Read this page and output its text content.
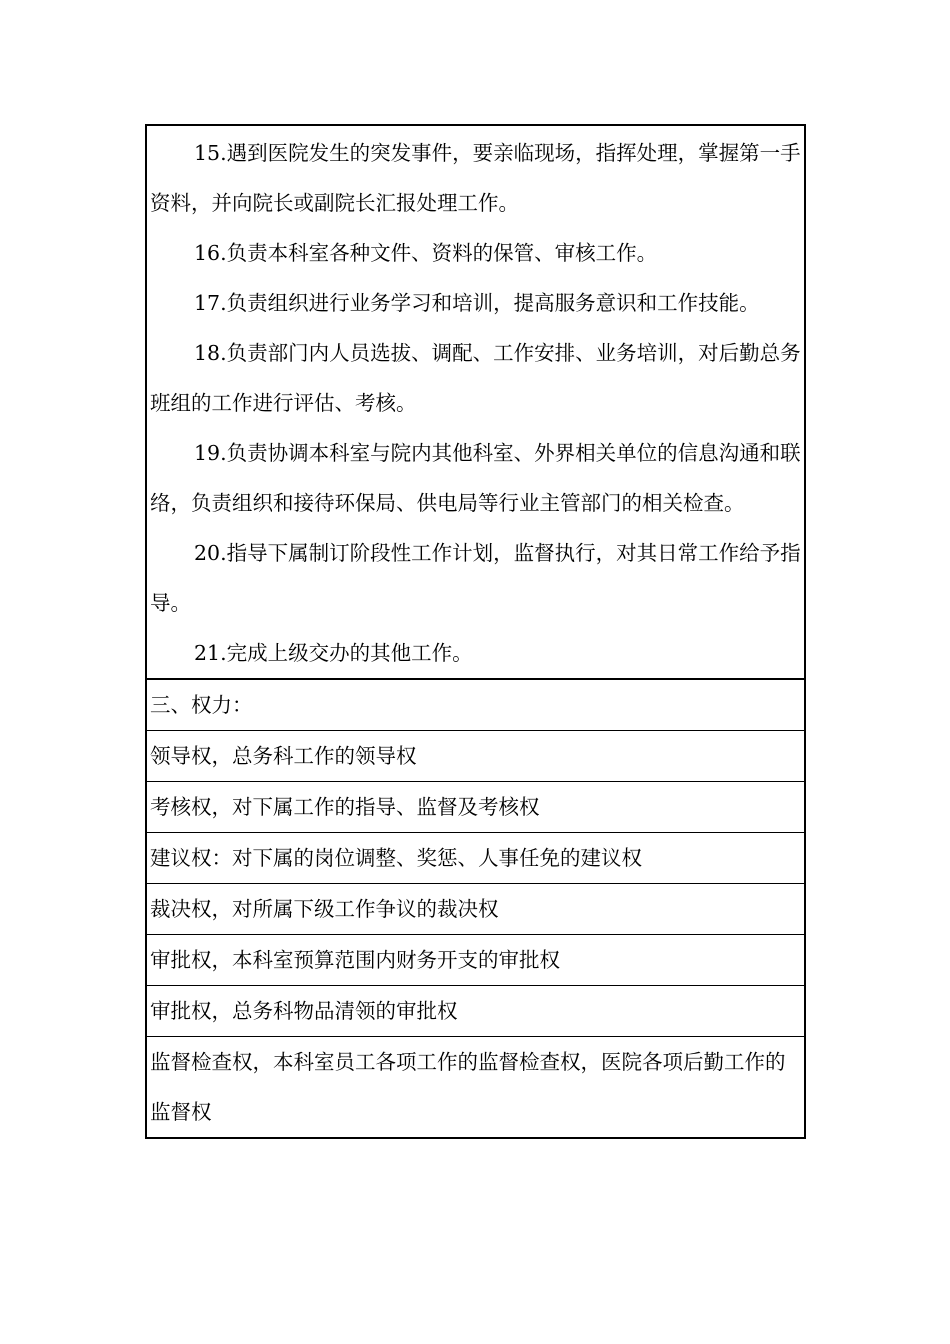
15.遇到医院发生的突发事件，要亲临现场，指挥处理，掌握第一手资料，并向院长或副院长汇报处理工作。

16.负责本科室各种文件、资料的保管、审核工作。

17.负责组织进行业务学习和培训，提高服务意识和工作技能。

18.负责部门内人员选拔、调配、工作安排、业务培训，对后勤总务班组的工作进行评估、考核。

19.负责协调本科室与院内其他科室、外界相关单位的信息沟通和联络，负责组织和接待环保局、供电局等行业主管部门的相关检查。

20.指导下属制订阶段性工作计划，监督执行，对其日常工作给予指导。

21.完成上级交办的其他工作。

三、权力：
领导权，总务科工作的领导权
考核权，对下属工作的指导、监督及考核权
建议权：对下属的岗位调整、奖惩、人事任免的建议权
裁决权，对所属下级工作争议的裁决权
审批权，本科室预算范围内财务开支的审批权
审批权，总务科物品清领的审批权
监督检查权，本科室员工各项工作的监督检查权，医院各项后勤工作的监督权
